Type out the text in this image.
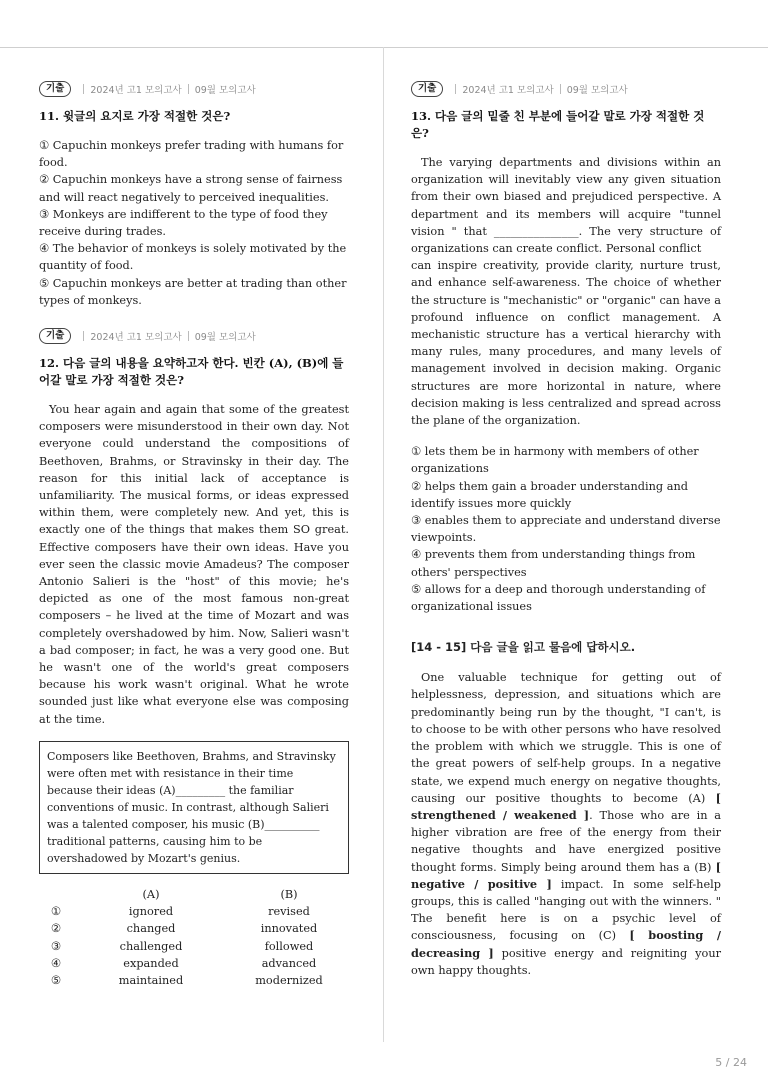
기출	2024년 고1 모의고사 09월 모의고사
11. 윗글의 요지로 가장 적절한 것은?

① Capuchin monkeys prefer trading with humans for food.

② Capuchin monkeys have a strong sense of fairness and will react negatively to perceived inequalities.

③ Monkeys are indifferent to the type of food they receive during trades.

④ The behavior of monkeys is solely motivated by the quantity of food.

⑤ Capuchin monkeys are better at trading than other types of monkeys.

기출	2024년 고1 모의고사 09월 모의고사
12. 다음 글의 내용을 요약하고자 한다. 빈칸 (A), (B)에 들어갈 말로 가장 적절한 것은?

You hear again and again that some of the greatest composers were misunderstood in their own day. Not everyone could understand the compositions of Beethoven, Brahms, or Stravinsky in their day. The reason for this initial lack of acceptance is unfamiliarity. The musical forms, or ideas expressed within them, were completely new. And yet, this is exactly one of the things that makes them SO great. Effective composers have their own ideas. Have you ever seen the classic movie Amadeus? The composer Antonio Salieri is the "host" of this movie; he's depicted as one of the most famous non-great composers – he lived at the time of Mozart and was completely overshadowed by him. Now, Salieri wasn't a bad composer; in fact, he was a very good one. But he wasn't one of the world's great composers because his work wasn't original. What he wrote sounded just like what everyone else was composing at the time.

Composers like Beethoven, Brahms, and Stravinsky were often met with resistance in their time because their ideas (A)_________ the familiar conventions of music. In contrast, although Salieri was a talented composer, his music (B)__________ traditional patterns, causing him to be overshadowed by Mozart's genius.
	(A)	(B)
①	ignored	revised
②	changed	innovated
③	challenged	followed
④	expanded	advanced
⑤	maintained	modernized
기출	2024년 고1 모의고사 09월 모의고사
13. 다음 글의 밑줄 친 부분에 들어갈 말로 가장 적절한 것은?

The varying departments and divisions within an organization will inevitably view any given situation from their own biased and prejudiced perspective. A department and its members will acquire "tunnel vision " that _______________. The very structure of organizations can create conflict. Personal conflict

can inspire creativity, provide clarity, nurture trust, and enhance self-awareness. The choice of whether the structure is "mechanistic" or "organic" can have a profound influence on conflict management. A mechanistic structure has a vertical hierarchy with many rules, many procedures, and many levels of management involved in decision making. Organic structures are more horizontal in nature, where decision making is less centralized and spread across the plane of the organization.

① lets them be in harmony with members of other organizations

② helps them gain a broader understanding and identify issues more quickly

③ enables them to appreciate and understand diverse viewpoints.

④ prevents them from understanding things from others' perspectives

⑤ allows for a deep and thorough understanding of organizational issues

[14 - 15] 다음 글을 읽고 물음에 답하시오.

One valuable technique for getting out of helplessness, depression, and situations which are predominantly being run by the thought, "I can't, is to choose to be with other persons who have resolved the problem with which we struggle. This is one of the great powers of self-help groups. In a negative state, we expend much energy on negative thoughts, causing our positive thoughts to become (A) [ strengthened / weakened ]. Those who are in a higher vibration are free of the energy from their negative thoughts and have energized positive thought forms. Simply being around them has a (B) [ negative / positive ] impact. In some self-help groups, this is called "hanging out with the winners. " The benefit here is on a psychic level of consciousness, focusing on (C) [ boosting / decreasing ] positive energy and reigniting your own happy thoughts.

5 / 24
